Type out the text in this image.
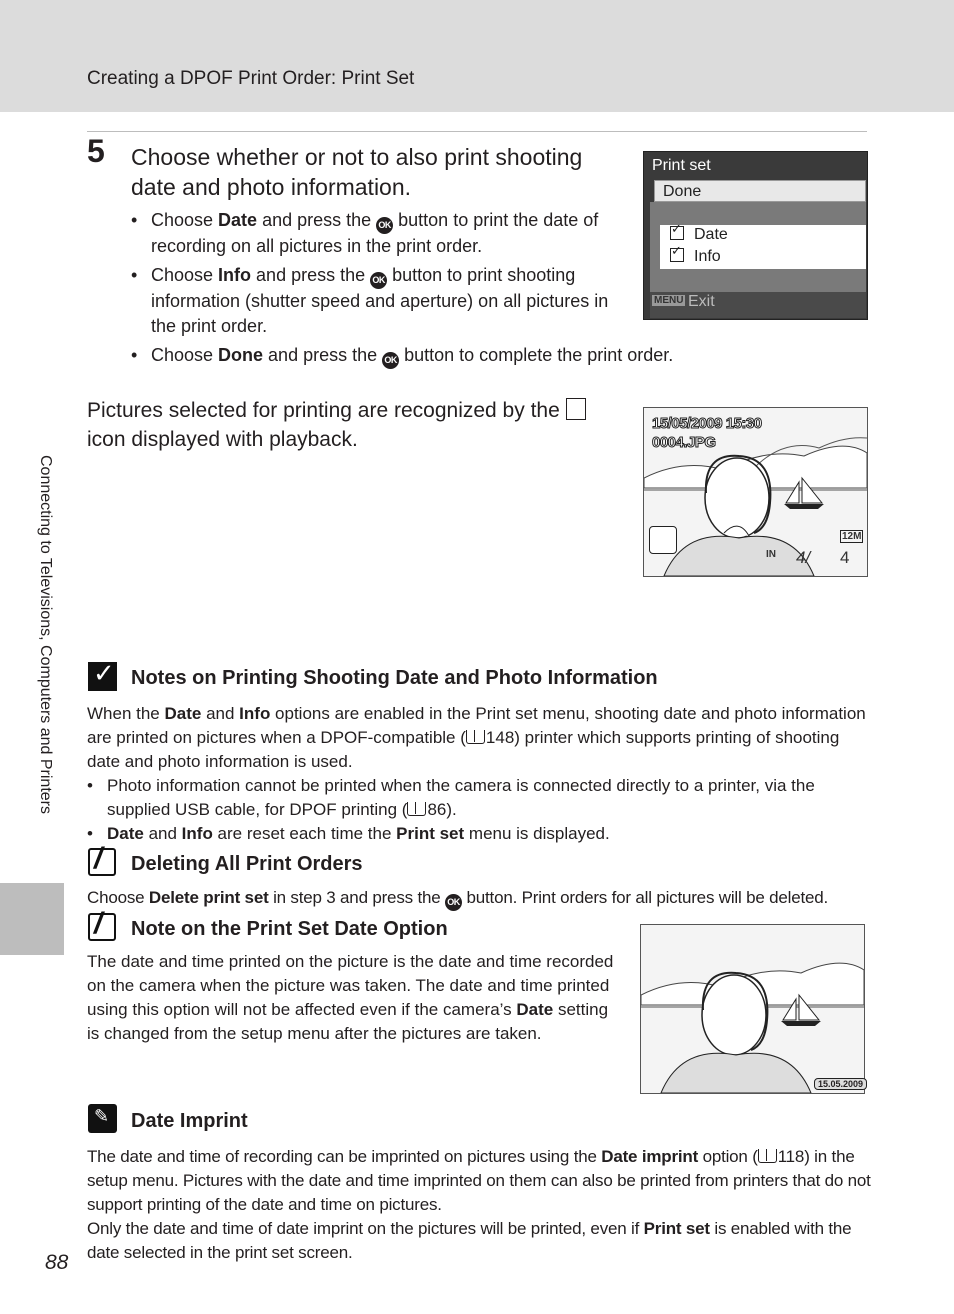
Creating a DPOF Print Order: Print Set
Connecting to Televisions, Computers and Printers
5 Choose whether or not to also print shooting date and photo information.
• Choose Date and press the OK button to print the date of recording on all pictures in the print order.
• Choose Info and press the OK button to print shooting information (shutter speed and aperture) on all pictures in the print order.
• Choose Done and press the OK button to complete the print order.
Print set
Done
✓Date
✓Info
MENU Exit
Pictures selected for printing are recognized by the  icon displayed with playback.
15/05/2009 15:30
0004.JPG
12M
IN 4/ 4
✓
Notes on Printing Shooting Date and Photo Information
When the Date and Info options are enabled in the Print set menu, shooting date and photo information are printed on pictures when a DPOF-compatible ( 148) printer which supports printing of shooting date and photo information is used.
• Photo information cannot be printed when the camera is connected directly to a printer, via the supplied USB cable, for DPOF printing ( 86).
• Date and Info are reset each time the Print set menu is displayed.
/
Deleting All Print Orders
Choose Delete print set in step 3 and press the OK button. Print orders for all pictures will be deleted.
/
Note on the Print Set Date Option
The date and time printed on the picture is the date and time recorded on the camera when the picture was taken. The date and time printed using this option will not be affected even if the camera’s Date setting is changed from the setup menu after the pictures are taken.
15.05.2009
✎
Date Imprint
The date and time of recording can be imprinted on pictures using the Date imprint option ( 118) in the setup menu. Pictures with the date and time imprinted on them can also be printed from printers that do not support printing of the date and time on pictures.
Only the date and time of date imprint on the pictures will be printed, even if Print set is enabled with the date selected in the print set screen.
88
